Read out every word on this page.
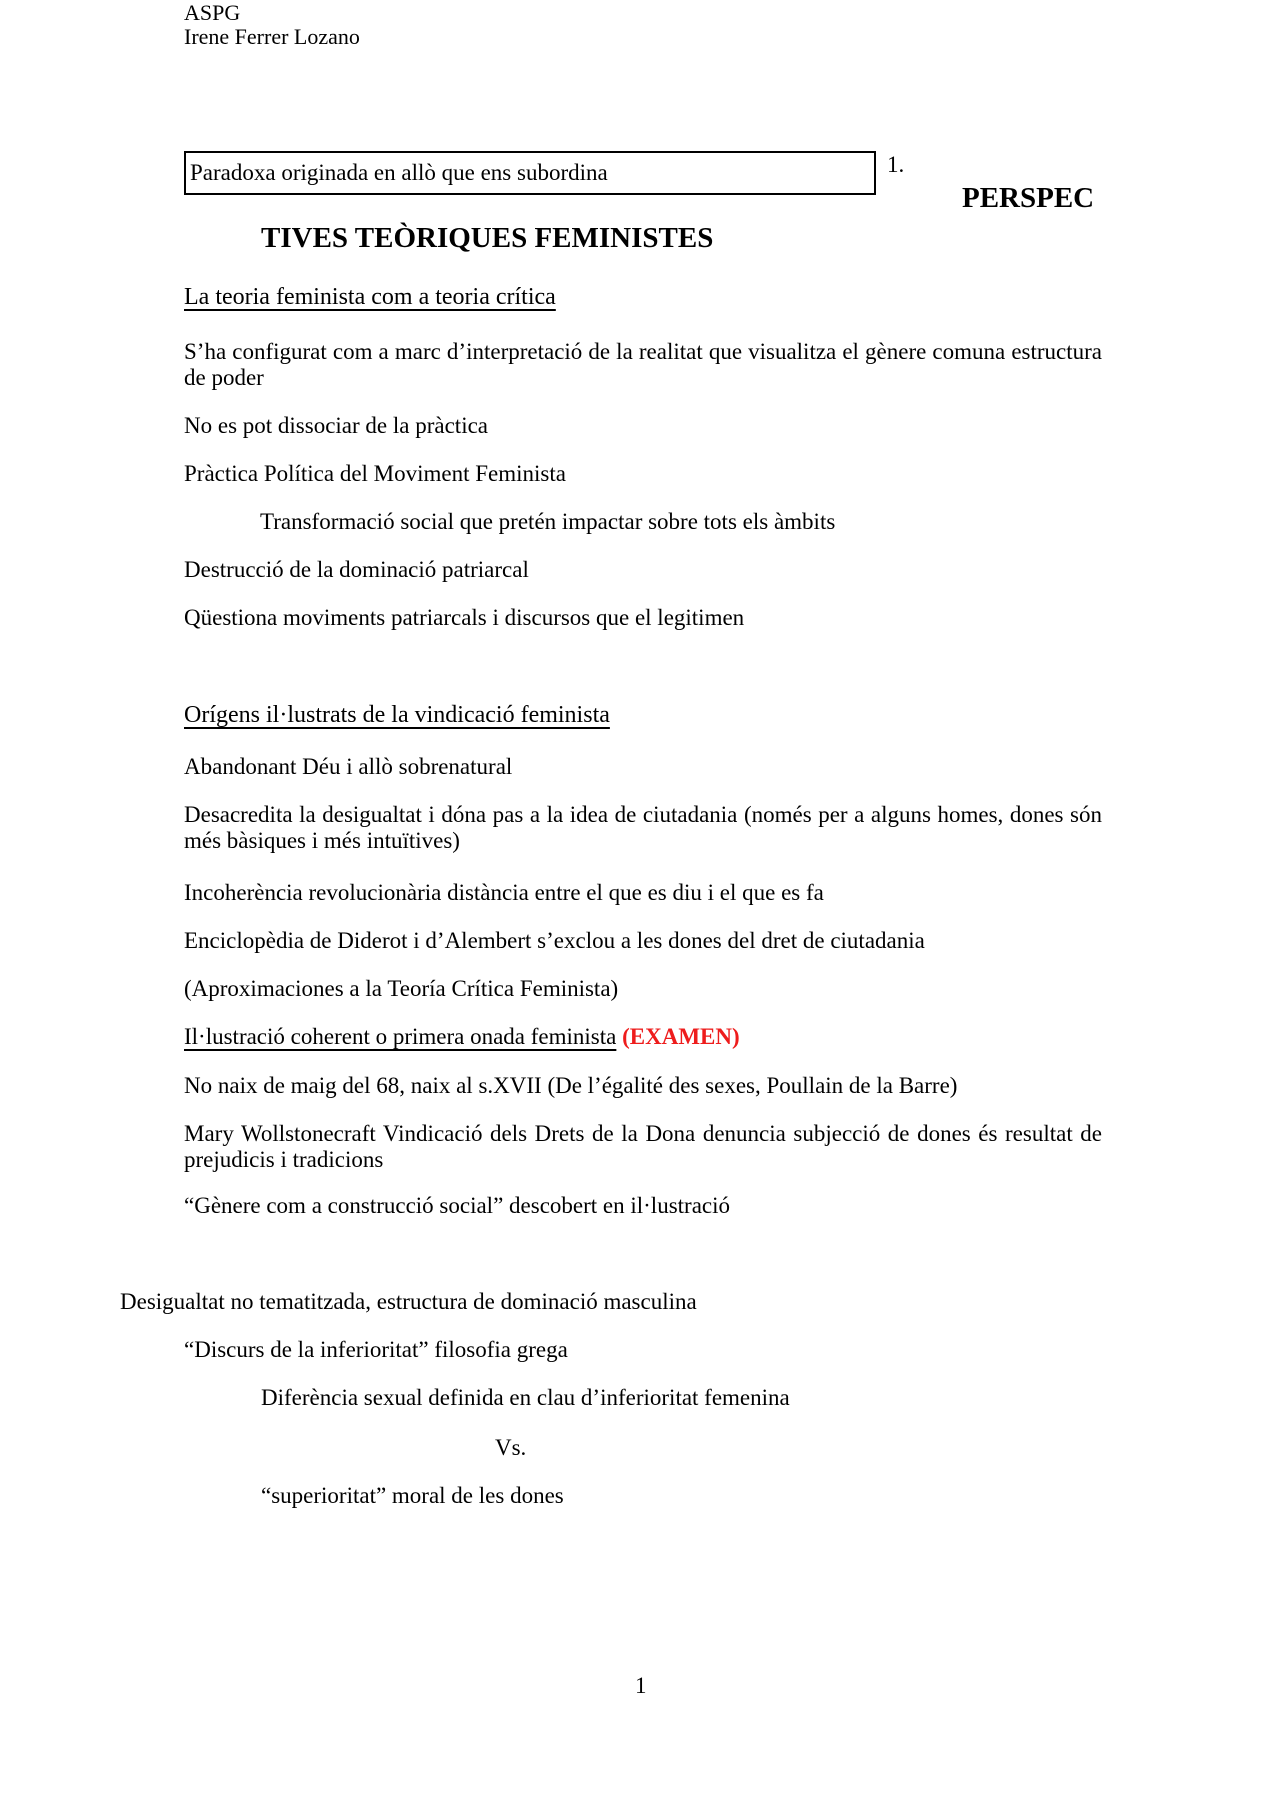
ASPG
Irene Ferrer Lozano
Paradoxa originada en allò que ens subordina	1.
PERSPEC
TIVES TEÒRIQUES FEMINISTES
La teoria feminista com a teoria crítica
S’ha configurat com a marc d’interpretació de la realitat que visualitza el gènere comuna estructura de poder
No es pot dissociar de la pràctica
Pràctica Política del Moviment Feminista
Transformació social que pretén impactar sobre tots els àmbits
Destrucció de la dominació patriarcal
Qüestiona moviments patriarcals i discursos que el legitimen
Orígens il·lustrats de la vindicació feminista
Abandonant Déu i allò sobrenatural
Desacredita la desigualtat i dóna pas a la idea de ciutadania (només per a alguns homes, dones són més bàsiques i més intuïtives)
Incoherència revolucionària distància entre el que es diu i el que es fa
Enciclopèdia de Diderot i d’Alembert s’exclou a les dones del dret de ciutadania
(Aproximaciones a la Teoría Crítica Feminista)
Il·lustració coherent o primera onada feminista (EXAMEN)
No naix de maig del 68, naix al s.XVII (De l’égalité des sexes, Poullain de la Barre)
Mary Wollstonecraft Vindicació dels Drets de la Dona denuncia subjecció de dones és resultat de prejudicis i tradicions
“Gènere com a construcció social” descobert en il·lustració
Desigualtat no tematitzada, estructura de dominació masculina
“Discurs de la inferioritat” filosofia grega
Diferència sexual definida en clau d’inferioritat femenina
Vs.
“superioritat” moral de les dones
1
